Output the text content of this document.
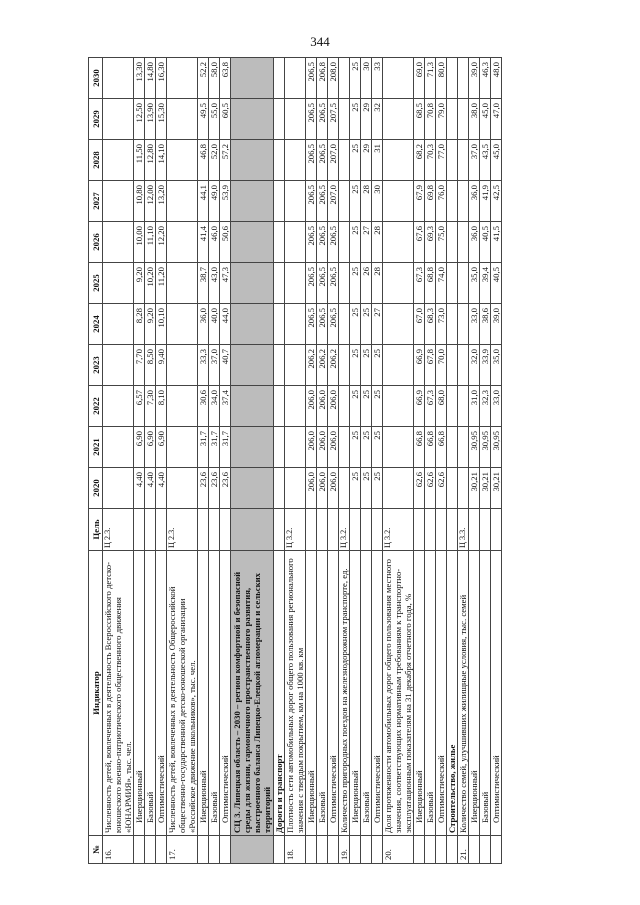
344
№	Индикатор	Цель	2020	2021	2022	2023	2024	2025	2026	2027	2028	2029	2030
16.	Численность детей, вовлеченных в деятельность Всероссийского детско-юношеского военно-патриотического общественного движения «ЮНАРМИЯ», тыс. чел.	Ц 2.3.											
	Инерционный		4,40	6,90	6,57	7,70	8,28	9,20	10,00	10,80	11,50	12,50	13,30
	Базовый		4,40	6,90	7,30	8,50	9,20	10,20	11,10	12,00	12,80	13,90	14,80
	Оптимистический		4,40	6,90	8,10	9,40	10,10	11,20	12,20	13,20	14,10	15,30	16,30
17.	Численность детей, вовлеченных в деятельность Общероссийской общественно-государственной детско-юношеской организации «Российское движение школьников», тыс. чел.	Ц 2.3.											
	Инерционный		23,6	31,7	30,6	33,3	36,0	38,7	41,4	44,1	46,8	49,5	52,2
	Базовый		23,6	31,7	34,0	37,0	40,0	43,0	46,0	49,0	52,0	55,0	58,0
	Оптимистический		23,6	31,7	37,4	40,7	44,0	47,3	50,6	53,9	57,2	60,5	63,8
	СЦ 3. Липецкая область – 2030 – регион комфортной и безопасной среды для жизни, гармоничного пространственного развития, выстроенного баланса Липецко-Елецкой агломерации и сельских территорий												
	Дороги и транспорт												
18.	Плотность сети автомобильных дорог общего пользования регионального значения с твердым покрытием, км на 1000 кв. км	Ц 3.2.											
	Инерционный		206,0	206,0	206,0	206,2	206,5	206,5	206,5	206,5	206,5	206,5	206,5
	Базовый		206,0	206,0	206,0	206,2	206,5	206,5	206,5	206,5	206,5	206,5	206,8
	Оптимистический		206,0	206,0	206,0	206,2	206,5	206,5	206,5	207,0	207,0	207,5	208,0
19.	Количество пригородных поездов на железнодорожном транспорте, ед.	Ц 3.2.											
	Инерционный		25	25	25	25	25	25	25	25	25	25	25
	Базовый		25	25	25	25	25	26	27	28	29	29	30
	Оптимистический		25	25	25	25	27	28	28	30	31	32	33
20.	Доля протяженности автомобильных дорог общего пользования местного значения, соответствующих нормативным требованиям к транспортно-эксплуатационным показателям на 31 декабря отчетного года, %	Ц 3.2.											
	Инерционный		62,6	66,8	66,9	66,9	67,0	67,3	67,6	67,9	68,2	68,5	69,0
	Базовый		62,6	66,8	67,3	67,8	68,3	68,8	69,3	69,8	70,3	70,8	71,3
	Оптимистический		62,6	66,8	68,0	70,0	73,0	74,0	75,0	76,0	77,0	79,0	80,0
	Строительство, жилье												
21.	Количество семей, улучшивших жилищные условия, тыс. семей	Ц 3.3.											
	Инерционный		30,21	30,95	31,0	32,0	33,0	35,0	36,0	36,0	37,0	38,0	39,0
	Базовый		30,21	30,95	32,3	33,9	38,6	39,4	40,5	41,9	43,5	45,0	46,3
	Оптимистический		30,21	30,95	33,0	35,0	39,0	40,5	41,5	42,5	45,0	47,0	48,0
